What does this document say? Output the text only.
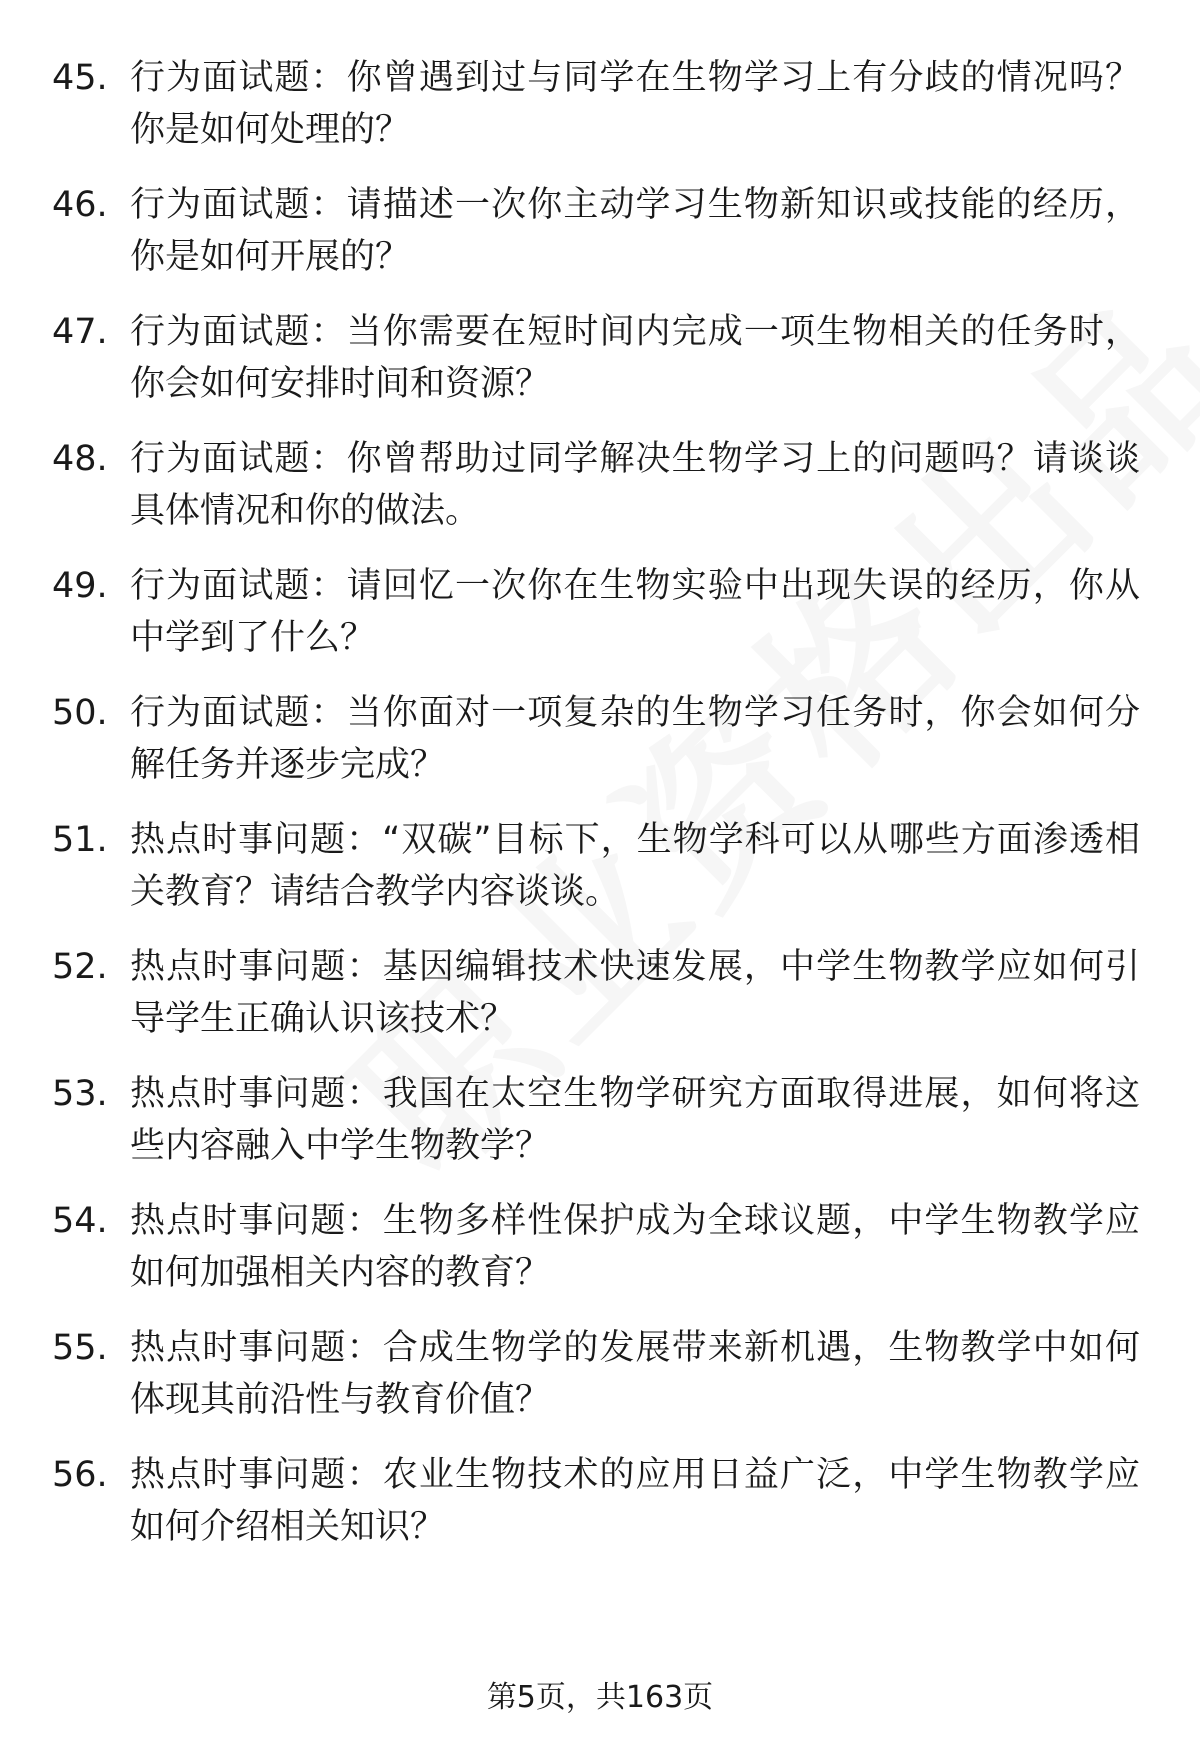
45. 行为面试题：你曾遇到过与同学在生物学习上有分歧的情况吗？你是如何处理的？
46. 行为面试题：请描述一次你主动学习生物新知识或技能的经历，你是如何开展的？
47. 行为面试题：当你需要在短时间内完成一项生物相关的任务时，你会如何安排时间和资源？
48. 行为面试题：你曾帮助过同学解决生物学习上的问题吗？请谈谈具体情况和你的做法。
49. 行为面试题：请回忆一次你在生物实验中出现失误的经历，你从中学到了什么？
50. 行为面试题：当你面对一项复杂的生物学习任务时，你会如何分解任务并逐步完成？
51. 热点时事问题：“双碳”目标下，生物学科可以从哪些方面渗透相关教育？请结合教学内容谈谈。
52. 热点时事问题：基因编辑技术快速发展，中学生物教学应如何引导学生正确认识该技术？
53. 热点时事问题：我国在太空生物学研究方面取得进展，如何将这些内容融入中学生物教学？
54. 热点时事问题：生物多样性保护成为全球议题，中学生物教学应如何加强相关内容的教育？
55. 热点时事问题：合成生物学的发展带来新机遇，生物教学中如何体现其前沿性与教育价值？
56. 热点时事问题：农业生物技术的应用日益广泛，中学生物教学应如何介绍相关知识？
第5页，共163页
